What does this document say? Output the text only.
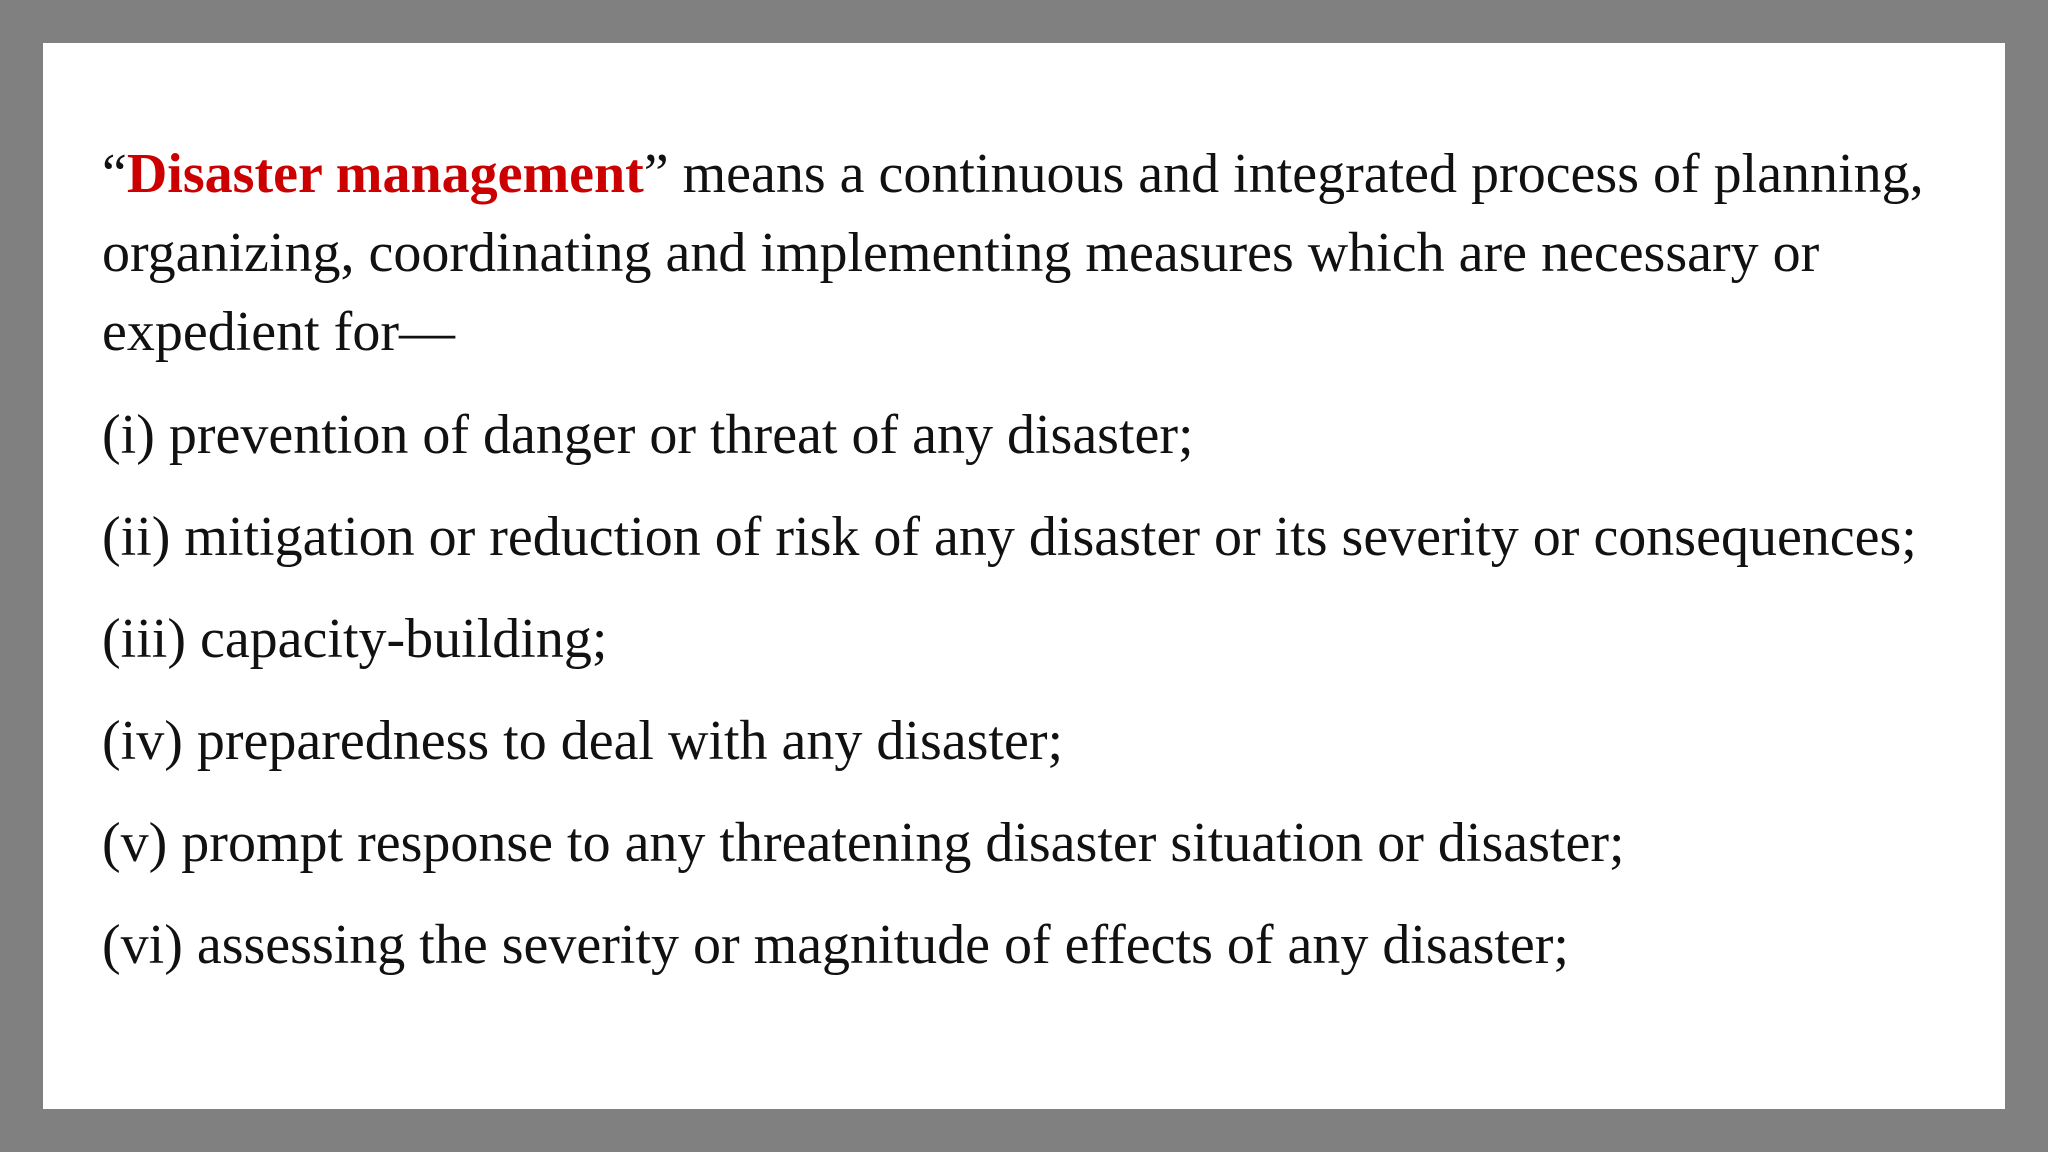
“Disaster management” means a continuous and integrated process of planning, organizing, coordinating and implementing measures which are necessary or expedient for—

(i) prevention of danger or threat of any disaster;

(ii) mitigation or reduction of risk of any disaster or its severity or consequences;

(iii) capacity-building;

(iv) preparedness to deal with any disaster;

(v) prompt response to any threatening disaster situation or disaster;

(vi) assessing the severity or magnitude of effects of any disaster;
